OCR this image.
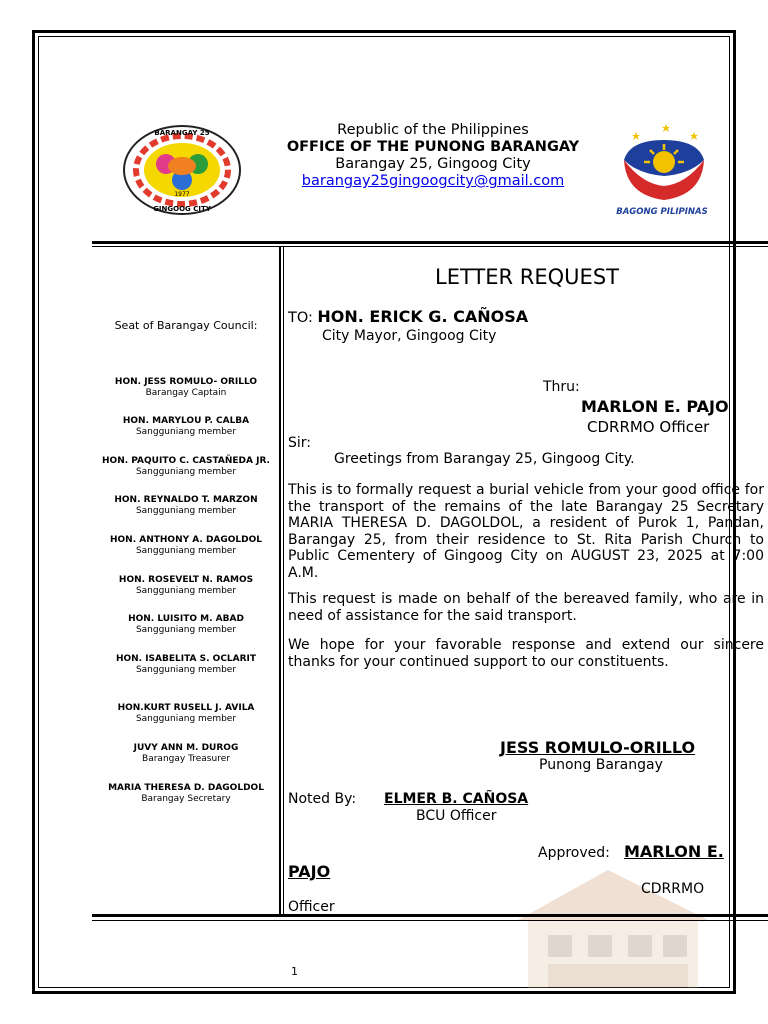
1977
BARANGAY 25
GINGOOG CITY
Republic of the Philippines
OFFICE OF THE PUNONG BARANGAY
Barangay 25, Gingoog City
barangay25gingoogcity@gmail.com
BAGONG PILIPINAS
Seat of Barangay Council:
HON. JESS ROMULO- ORILLO
Barangay Captain
HON. MARYLOU P. CALBA
Sangguniang member
HON. PAQUITO C. CASTAÑEDA JR.
Sangguniang member
HON. REYNALDO T. MARZON
Sangguniang member
HON. ANTHONY A. DAGOLDOL
Sangguniang member
HON. ROSEVELT N. RAMOS
Sangguniang member
HON. LUISITO M. ABAD
Sangguniang member
HON. ISABELITA S. OCLARIT
Sangguniang member
HON.KURT RUSELL J. AVILA
Sangguniang member
JUVY ANN M. DUROG
Barangay Treasurer
MARIA THERESA D. DAGOLDOL
Barangay Secretary
LETTER REQUEST
TO: HON. ERICK G. CAÑOSA
City Mayor, Gingoog City
Thru:
MARLON E. PAJO
CDRRMO Officer
Sir:
Greetings from Barangay 25, Gingoog City.
This is to formally request a burial vehicle from your good office for the transport of the remains of the late Barangay 25 Secretary MARIA THERESA D. DAGOLDOL, a resident of Purok 1, Pandan, Barangay 25, from their residence to St. Rita Parish Church to Public Cementery of Gingoog City on AUGUST 23, 2025 at 7:00 A.M.
This request is made on behalf of the bereaved family, who are in need of assistance for the said transport.
We hope for your favorable response and extend our sincere thanks for your continued support to our constituents.
JESS ROMULO-ORILLO
Punong Barangay
Noted By: ELMER B. CAÑOSA
BCU Officer
Approved: MARLON E.
PAJO
CDRRMO
Officer
1
